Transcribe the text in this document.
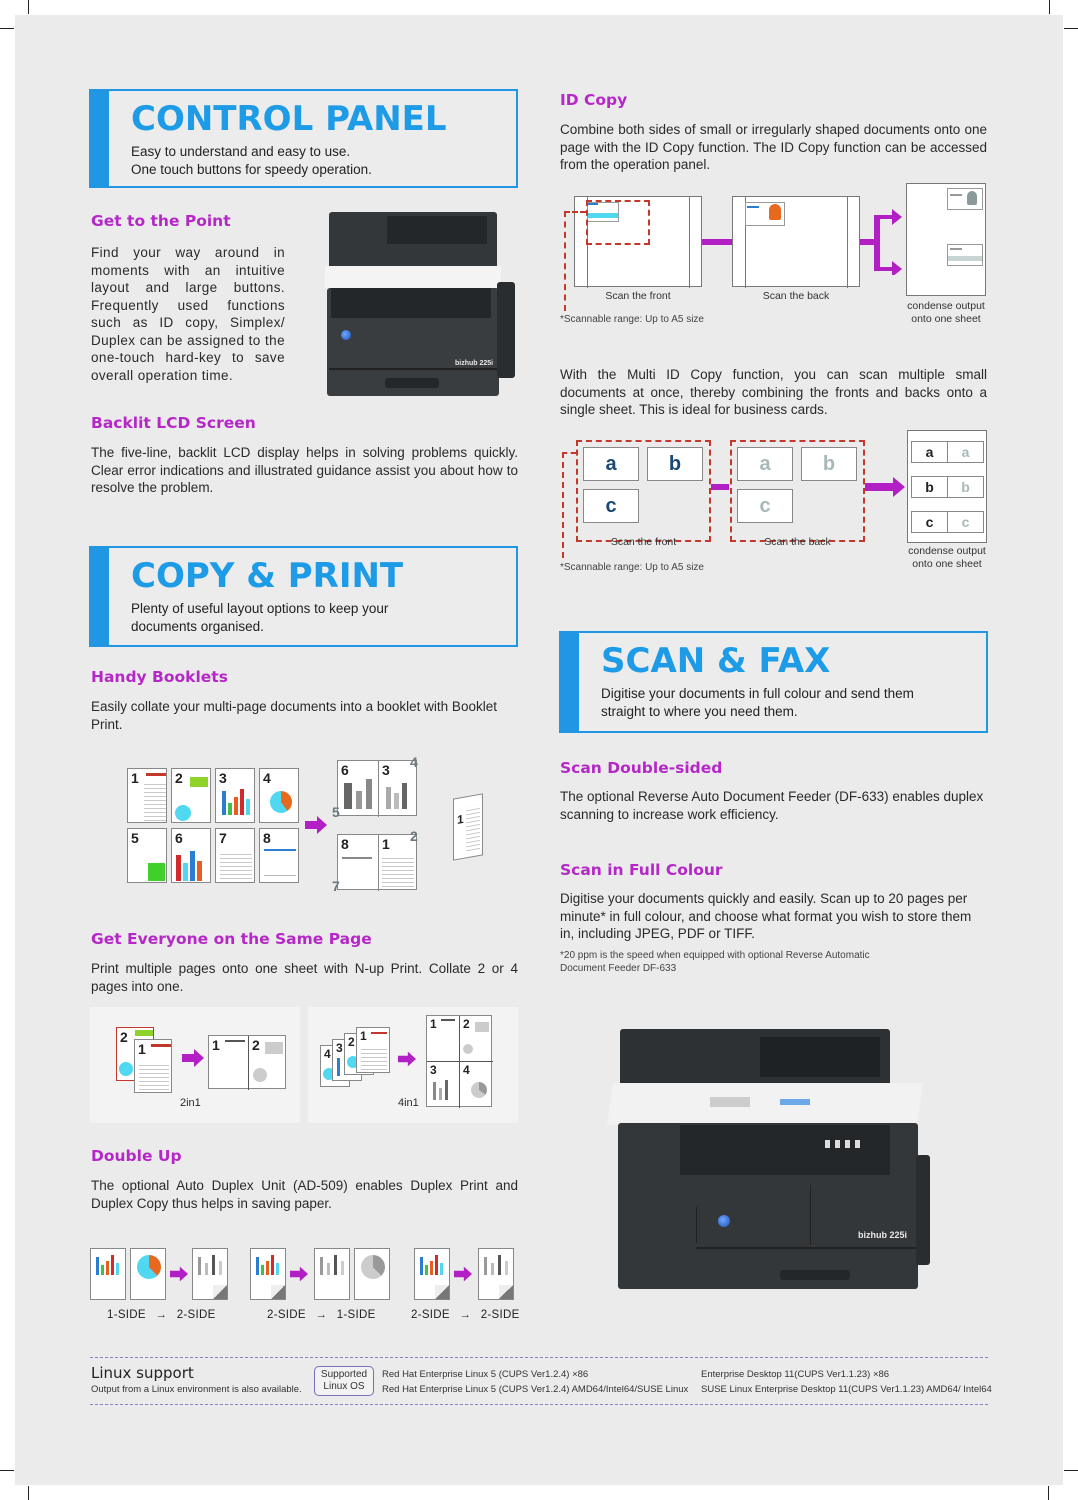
CONTROL PANEL
Easy to understand and easy to use.
One touch buttons for speedy operation.
Get to the Point
Find your way around in moments with an intuitive layout and large buttons. Frequently used functions such as ID copy, Simplex/ Duplex can be assigned to the one-touch hard-key to save overall operation time.
bizhub 225i
Backlit LCD Screen
The five-line, backlit LCD display helps in solving problems quickly. Clear error indications and illustrated guidance assist you about how to resolve the problem.
COPY & PRINT
Plenty of useful layout options to keep your
documents organised.
Handy Booklets
Easily collate your multi-page documents into a booklet with Booklet Print.
1	2	3	4
5	6	7	8
6 3 4
5
8 1 2
7
1
Get Everyone on the Same Page
Print multiple pages onto one sheet with N-up Print. Collate 2 or 4 pages into one.
2
1	1 2
2in1
4 3 2 1
1 2
3 4
4in1
Double Up
The optional Auto Duplex Unit (AD-509) enables Duplex Print and Duplex Copy thus helps in saving paper.
1-SIDE → 2-SIDE	2-SIDE → 1-SIDE	2-SIDE → 2-SIDE
ID Copy
Combine both sides of small or irregularly shaped documents onto one page with the ID Copy function. The ID Copy function can be accessed from the operation panel.
Scan the front	Scan the back
condense output onto one sheet
*Scannable range: Up to A5 size
With the Multi ID Copy function, you can scan multiple small documents at once, thereby combining the fronts and backs onto a single sheet. This is ideal for business cards.
a	b
c
Scan the front
a	b
c
Scan the back
a	a
b	b
c	c
condense output onto one sheet
*Scannable range: Up to A5 size
SCAN & FAX
Digitise your documents in full colour and send them
straight to where you need them.
Scan Double-sided
The optional Reverse Auto Document Feeder (DF-633) enables duplex scanning to increase work efficiency.
Scan in Full Colour
Digitise your documents quickly and easily. Scan up to 20 pages per minute* in full colour, and choose what format you wish to store them in, including JPEG, PDF or TIFF.
*20 ppm is the speed when equipped with optional Reverse Automatic
Document Feeder DF-633
bizhub 225i
Linux support
Output from a Linux environment is also available.
Supported
Linux OS
Red Hat Enterprise Linux 5 (CUPS Ver1.2.4) ×86
Red Hat Enterprise Linux 5 (CUPS Ver1.2.4) AMD64/Intel64/SUSE Linux
Enterprise Desktop 11(CUPS Ver1.1.23) ×86
SUSE Linux Enterprise Desktop 11(CUPS Ver1.1.23) AMD64/ Intel64
